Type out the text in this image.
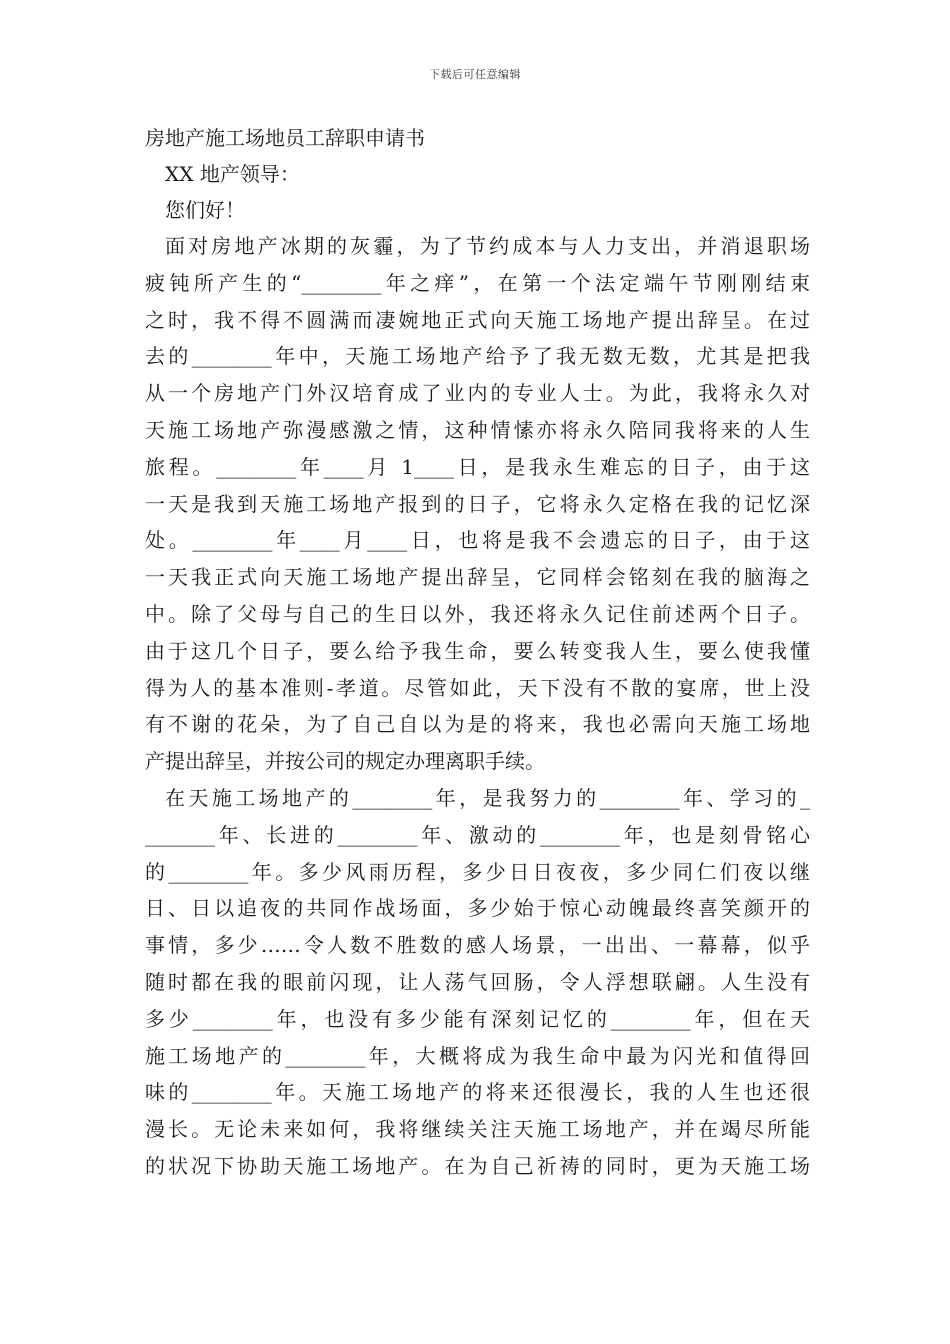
下载后可任意编辑
房地产施工场地员工辞职申请书
XX 地产领导：
您们好！
面对房地产冰期的灰霾，为了节约成本与人力支出，并消退职场
疲钝所产生的“________年之痒”，在第一个法定端午节刚刚结束
之时，我不得不圆满而凄婉地正式向天施工场地产提出辞呈。在过
去的________年中，天施工场地产给予了我无数无数，尤其是把我
从一个房地产门外汉培育成了业内的专业人士。为此，我将永久对
天施工场地产弥漫感激之情，这种情愫亦将永久陪同我将来的人生
旅程。________年____月 1____日，是我永生难忘的日子，由于这
一天是我到天施工场地产报到的日子，它将永久定格在我的记忆深
处。________年____月____日，也将是我不会遗忘的日子，由于这
一天我正式向天施工场地产提出辞呈，它同样会铭刻在我的脑海之
中。除了父母与自己的生日以外，我还将永久记住前述两个日子。
由于这几个日子，要么给予我生命，要么转变我人生，要么使我懂
得为人的基本准则-孝道。尽管如此，天下没有不散的宴席，世上没
有不谢的花朵，为了自己自以为是的将来，我也必需向天施工场地
产提出辞呈，并按公司的规定办理离职手续。
在天施工场地产的________年，是我努力的________年、学习的_
_______年、长进的________年、激动的________年，也是刻骨铭心
的________年。多少风雨历程，多少日日夜夜，多少同仁们夜以继
日、日以追夜的共同作战场面，多少始于惊心动魄最终喜笑颜开的
事情，多少……令人数不胜数的感人场景，一出出、一幕幕，似乎
随时都在我的眼前闪现，让人荡气回肠，令人浮想联翩。人生没有
多少________年，也没有多少能有深刻记忆的________年，但在天
施工场地产的________年，大概将成为我生命中最为闪光和值得回
味的________年。天施工场地产的将来还很漫长，我的人生也还很
漫长。无论未来如何，我将继续关注天施工场地产，并在竭尽所能
的状况下协助天施工场地产。在为自己祈祷的同时，更为天施工场
